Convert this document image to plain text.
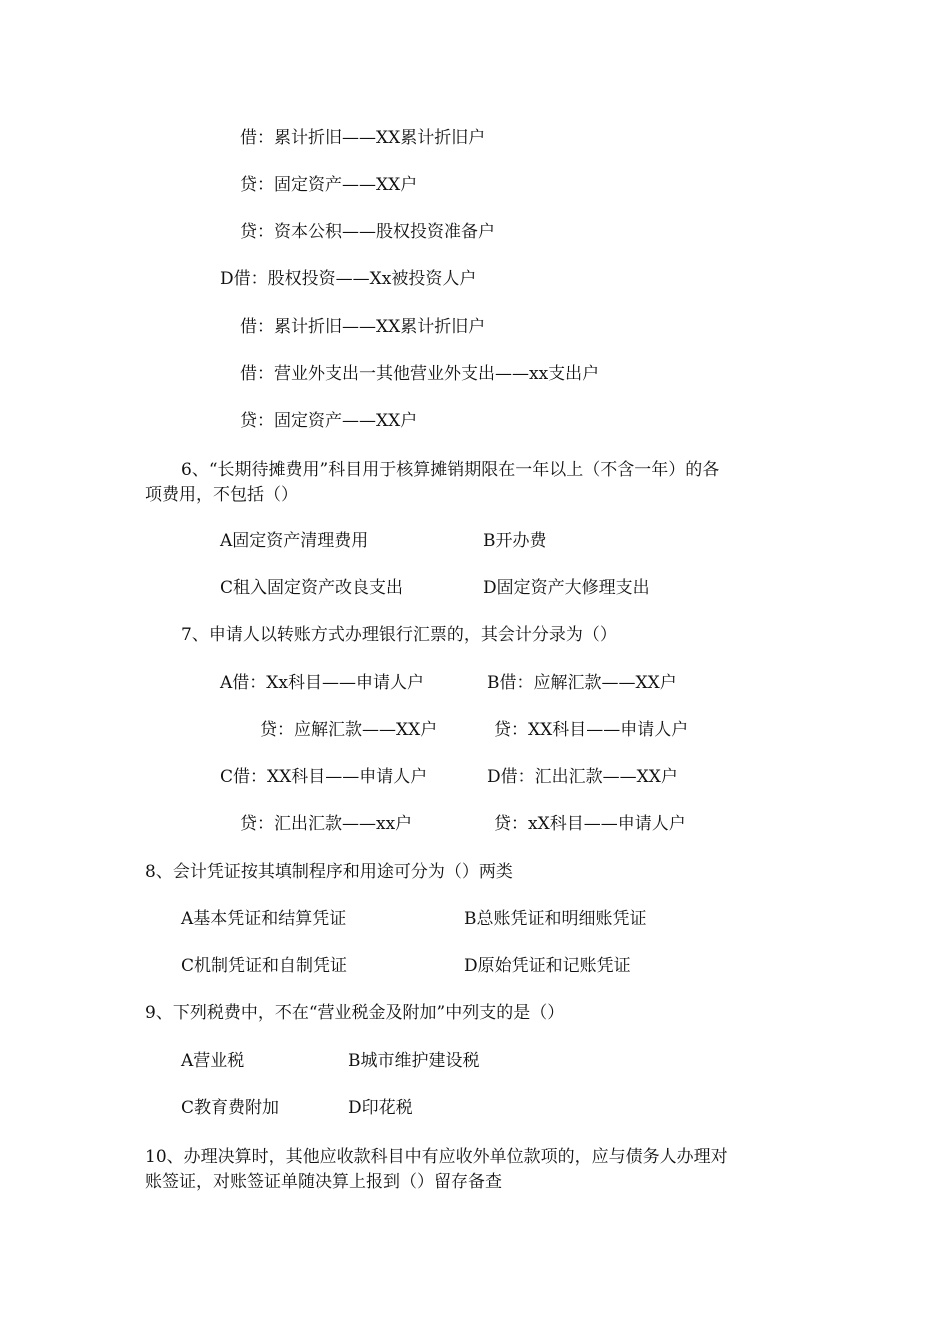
借：累计折旧——XX累计折旧户
贷：固定资产——XX户
贷：资本公积——股权投资准备户
D借：股权投资——Xx被投资人户
借：累计折旧——XX累计折旧户
借：营业外支出一其他营业外支出——xx支出户
贷：固定资产——XX户
6、“长期待摊费用”科目用于核算摊销期限在一年以上（不含一年）的各
项费用，不包括（）
A固定资产清理费用	B开办费
C租入固定资产改良支出	D固定资产大修理支出
7、申请人以转账方式办理银行汇票的，其会计分录为（）
A借：Xx科目——申请人户	B借：应解汇款——XX户
贷：应解汇款——XX户	贷：XX科目——申请人户
C借：XX科目——申请人户	D借：汇出汇款——XX户
贷：汇出汇款——xx户	贷：xX科目——申请人户
8、会计凭证按其填制程序和用途可分为（）两类
A基本凭证和结算凭证	B总账凭证和明细账凭证
C机制凭证和自制凭证	D原始凭证和记账凭证
9、下列税费中，不在“营业税金及附加”中列支的是（）
A营业税	B城市维护建设税
C教育费附加	D印花税
10、办理决算时，其他应收款科目中有应收外单位款项的，应与债务人办理对
账签证，对账签证单随决算上报到（）留存备查
